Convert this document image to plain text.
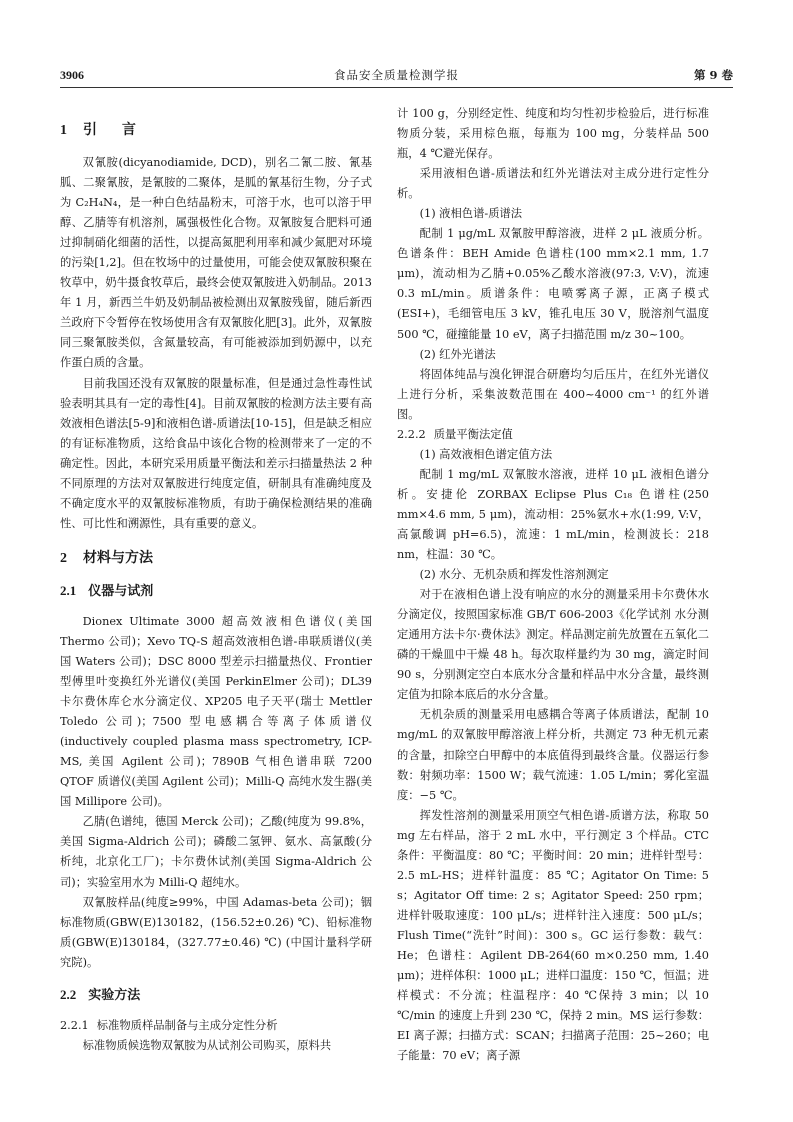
3906	食品安全质量检测学报	第 9 卷
1 引 言

双氰胺(dicyanodiamide, DCD)，别名二氰二胺、氰基胍、二聚氰胺，是氰胺的二聚体，是胍的氰基衍生物，分子式为 C₂H₄N₄，是一种白色结晶粉末，可溶于水，也可以溶于甲醇、乙腈等有机溶剂，属强极性化合物。双氰胺复合肥料可通过抑制硝化细菌的活性，以提高氮肥利用率和减少氮肥对环境的污染[1,2]。但在牧场中的过量使用，可能会使双氰胺积聚在牧草中，奶牛摄食牧草后，最终会使双氰胺进入奶制品。2013 年 1 月，新西兰牛奶及奶制品被检测出双氰胺残留，随后新西兰政府下令暂停在牧场使用含有双氰胺化肥[3]。此外，双氰胺同三聚氰胺类似，含氮量较高，有可能被添加到奶源中，以充作蛋白质的含量。

目前我国还没有双氰胺的限量标准，但是通过急性毒性试验表明其具有一定的毒性[4]。目前双氰胺的检测方法主要有高效液相色谱法[5-9]和液相色谱-质谱法[10-15]，但是缺乏相应的有证标准物质，这给食品中该化合物的检测带来了一定的不确定性。因此，本研究采用质量平衡法和差示扫描量热法 2 种不同原理的方法对双氰胺进行纯度定值，研制具有准确纯度及不确定度水平的双氰胺标准物质，有助于确保检测结果的准确性、可比性和溯源性，具有重要的意义。

2 材料与方法
2.1 仪器与试剂

Dionex Ultimate 3000 超高效液相色谱仪(美国 Thermo 公司)；Xevo TQ-S 超高效液相色谱-串联质谱仪(美国 Waters 公司)；DSC 8000 型差示扫描量热仪、Frontier 型傅里叶变换红外光谱仪(美国 PerkinElmer 公司)；DL39 卡尔费休库仑水分滴定仪、XP205 电子天平(瑞士 Mettler Toledo 公司)；7500 型电感耦合等离子体质谱仪(inductively coupled plasma mass spectrometry, ICP-MS, 美国 Agilent 公司)；7890B 气相色谱串联 7200 QTOF 质谱仪(美国 Agilent 公司)；Milli-Q 高纯水发生器(美国 Millipore 公司)。

乙腈(色谱纯，德国 Merck 公司)；乙酸(纯度为 99.8%，美国 Sigma-Aldrich 公司)；磷酸二氢钾、氨水、高氯酸(分析纯，北京化工厂)；卡尔费休试剂(美国 Sigma-Aldrich 公司)；实验室用水为 Milli-Q 超纯水。

双氰胺样品(纯度≥99%，中国 Adamas-beta 公司)；铟标准物质(GBW(E)130182，(156.52±0.26) ℃)、铅标准物质(GBW(E)130184，(327.77±0.46) ℃) (中国计量科学研究院)。

2.2 实验方法

2.2.1 标准物质样品制备与主成分定性分析

标准物质候选物双氰胺为从试剂公司购买，原料共

计 100 g，分别经定性、纯度和均匀性初步检验后，进行标准物质分装，采用棕色瓶，每瓶为 100 mg，分装样品 500 瓶，4 ℃避光保存。

采用液相色谱-质谱法和红外光谱法对主成分进行定性分析。

(1) 液相色谱-质谱法

配制 1 μg/mL 双氰胺甲醇溶液，进样 2 μL 液质分析。色谱条件：BEH Amide 色谱柱(100 mm×2.1 mm, 1.7 μm)，流动相为乙腈+0.05%乙酸水溶液(97:3, V:V)，流速 0.3 mL/min。质谱条件：电喷雾离子源，正离子模式(ESI+)，毛细管电压 3 kV，锥孔电压 30 V，脱溶剂气温度 500 ℃，碰撞能量 10 eV，离子扫描范围 m/z 30~100。

(2) 红外光谱法

将固体纯品与溴化钾混合研磨均匀后压片，在红外光谱仪上进行分析，采集波数范围在 400~4000 cm⁻¹ 的红外谱图。

2.2.2 质量平衡法定值

(1) 高效液相色谱定值方法

配制 1 mg/mL 双氰胺水溶液，进样 10 μL 液相色谱分析。安捷伦 ZORBAX Eclipse Plus C₁₈ 色谱柱(250 mm×4.6 mm, 5 μm)，流动相：25%氨水+水(1:99, V:V，高氯酸调 pH=6.5)，流速：1 mL/min，检测波长：218 nm，柱温：30 ℃。

(2) 水分、无机杂质和挥发性溶剂测定

对于在液相色谱上没有响应的水分的测量采用卡尔费休水分滴定仪，按照国家标准 GB/T 606-2003《化学试剂 水分测定通用方法卡尔·费休法》测定。样品测定前先放置在五氧化二磷的干燥皿中干燥 48 h。每次取样量约为 30 mg，滴定时间 90 s，分别测定空白本底水分含量和样品中水分含量，最终测定值为扣除本底后的水分含量。

无机杂质的测量采用电感耦合等离子体质谱法，配制 10 mg/mL 的双氰胺甲醇溶液上样分析，共测定 73 种无机元素的含量，扣除空白甲醇中的本底值得到最终含量。仪器运行参数：射频功率：1500 W；载气流速：1.05 L/min；雾化室温度：−5 ℃。

挥发性溶剂的测量采用顶空气相色谱-质谱方法，称取 50 mg 左右样品，溶于 2 mL 水中，平行测定 3 个样品。CTC 条件：平衡温度：80 ℃；平衡时间：20 min；进样针型号：2.5 mL-HS；进样针温度：85 ℃；Agitator On Time: 5 s；Agitator Off time: 2 s；Agitator Speed: 250 rpm；进样针吸取速度：100 μL/s；进样针注入速度：500 μL/s；Flush Time(“洗针”时间)：300 s。GC 运行参数：载气：He；色谱柱：Agilent DB-264(60 m×0.250 mm, 1.40 μm)；进样体积：1000 μL；进样口温度：150 ℃，恒温；进样模式：不分流；柱温程序：40 ℃保持 3 min；以 10 ℃/min 的速度上升到 230 ℃，保持 2 min。MS 运行参数：EI 离子源；扫描方式：SCAN；扫描离子范围：25~260；电子能量：70 eV；离子源
